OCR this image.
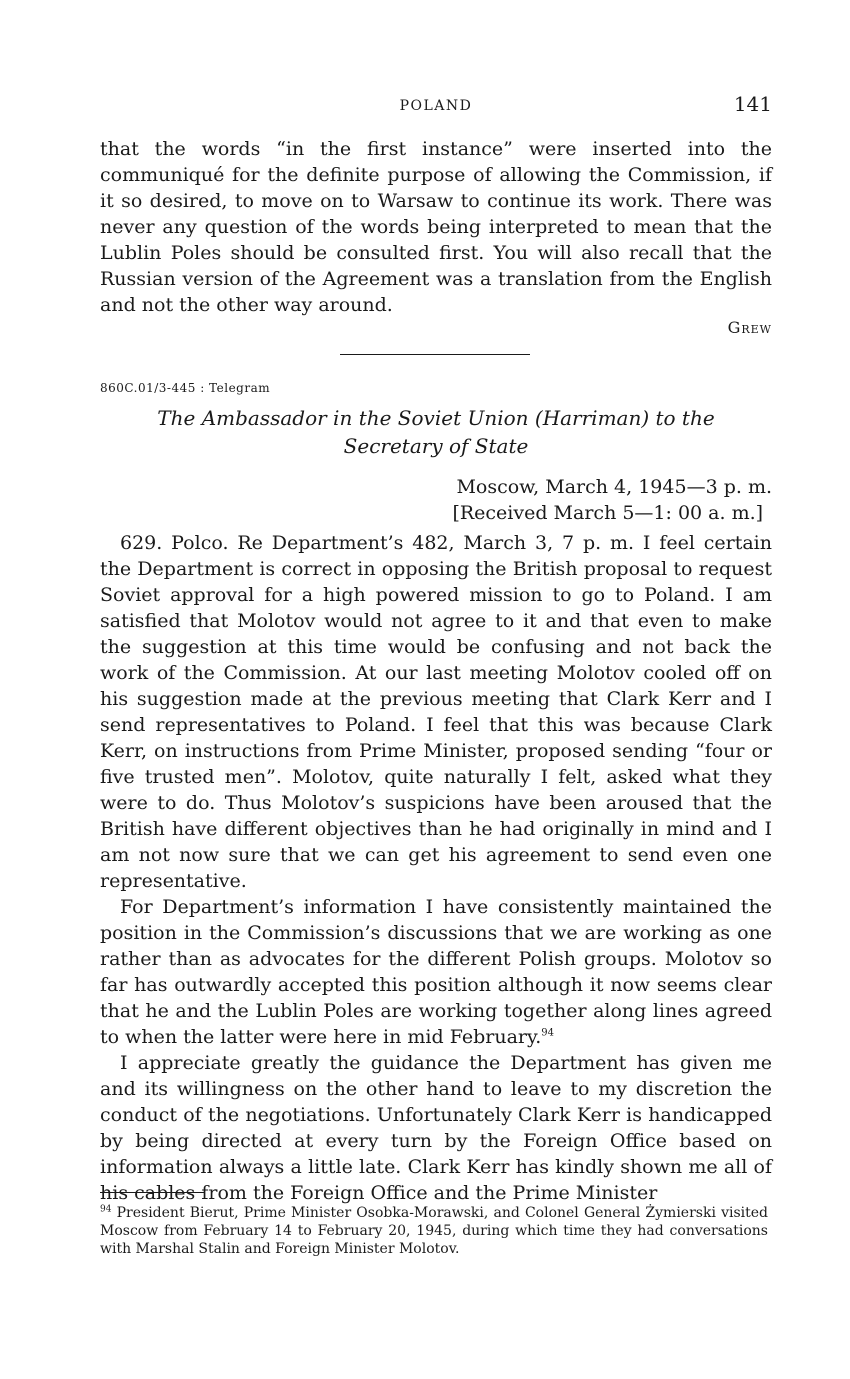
POLAND	141

that the words “in the first instance” were inserted into the communiqué for the definite purpose of allowing the Commission, if it so desired, to move on to Warsaw to continue its work. There was never any question of the words being interpreted to mean that the Lublin Poles should be consulted first. You will also recall that the Russian version of the Agreement was a translation from the English and not the other way around.

Grew
860C.01/3-445 : Telegram
The Ambassador in the Soviet Union (Harriman) to the
Secretary of State
Moscow, March 4, 1945—3 p. m.
[Received March 5—1: 00 a. m.]

629. Polco. Re Department’s 482, March 3, 7 p. m. I feel certain the Department is correct in opposing the British proposal to request Soviet approval for a high powered mission to go to Poland. I am satisfied that Molotov would not agree to it and that even to make the suggestion at this time would be confusing and not back the work of the Commission. At our last meeting Molotov cooled off on his suggestion made at the previous meeting that Clark Kerr and I send representatives to Poland. I feel that this was because Clark Kerr, on instructions from Prime Minister, proposed sending “four or five trusted men”. Molotov, quite naturally I felt, asked what they were to do. Thus Molotov’s suspicions have been aroused that the British have different objectives than he had originally in mind and I am not now sure that we can get his agreement to send even one representative.

For Department’s information I have consistently maintained the position in the Commission’s discussions that we are working as one rather than as advocates for the different Polish groups. Molotov so far has outwardly accepted this position although it now seems clear that he and the Lublin Poles are working together along lines agreed to when the latter were here in mid February.$^{94}$

I appreciate greatly the guidance the Department has given me and its willingness on the other hand to leave to my discretion the conduct of the negotiations. Unfortunately Clark Kerr is handicapped by being directed at every turn by the Foreign Office based on information always a little late. Clark Kerr has kindly shown me all of his cables from the Foreign Office and the Prime Minister

$^{94}$ President Bierut, Prime Minister Osobka-Morawski, and Colonel General Żymierski visited Moscow from February 14 to February 20, 1945, during which time they had conversations with Marshal Stalin and Foreign Minister Molotov.
